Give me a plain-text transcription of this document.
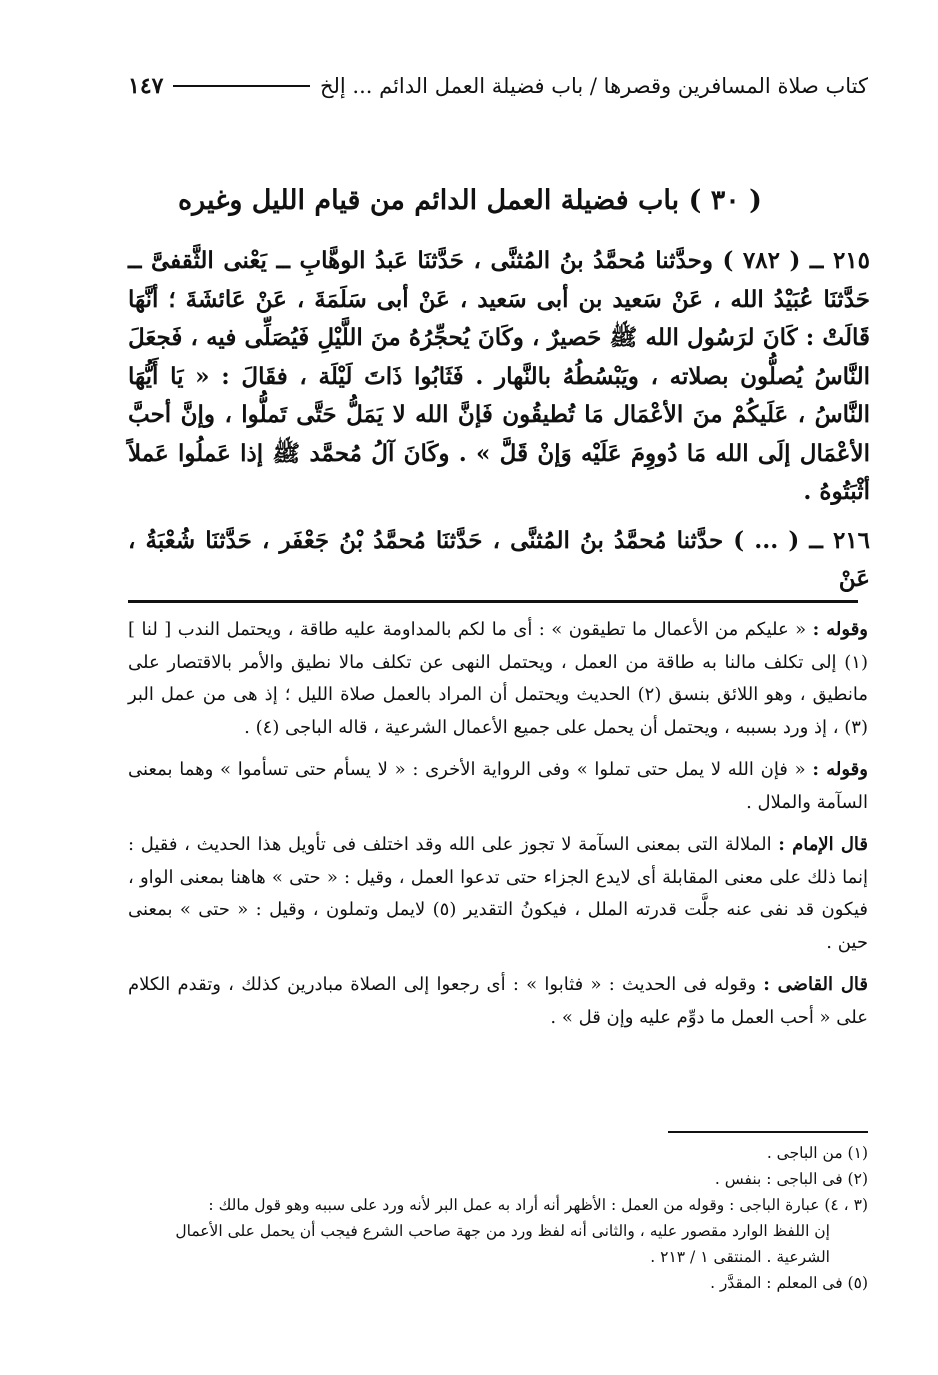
كتاب صلاة المسافرين وقصرها / باب فضيلة العمل الدائم ... إلخ
١٤٧
( ٣٠ ) باب فضيلة العمل الدائم من قيام الليل وغيره

٢١٥ ــ ( ٧٨٢ ) وحدَّثنا مُحمَّدُ بنُ المُثنَّى ، حَدَّثنَا عَبدُ الوهَّابِ ــ يَعْنى الثَّقفىَّ ــ حَدَّثنَا عُبَيْدُ الله ، عَنْ سَعيد بن أبى سَعيد ، عَنْ أبى سَلَمَةَ ، عَنْ عَائشَةَ ؛ أنَّهَا قَالَتْ : كَانَ لرَسُول الله ﷺ حَصيرٌ ، وكَانَ يُحجِّرُهُ منَ اللَّيْلِ فَيُصَلِّى فيه ، فَجعَلَ النَّاسُ يُصلُّون بصلاته ، ويَبْسُطُهُ بالنَّهار . فَثَابُوا ذَاتَ لَيْلَة ، فقَالَ : « يَا أَيُّهَا النَّاسُ ، عَلَيكُمْ منَ الأعْمَال مَا تُطيقُون فَإنَّ الله لا يَمَلُّ حَتَّى تَملُّوا ، وإنَّ أحبَّ الأعْمَال إلَى الله مَا دُووِمَ عَلَيْه وَإنْ قَلَّ » . وكَانَ آلُ مُحمَّد ﷺ إذا عَملُوا عَملاً أثْبَتُوهُ .

٢١٦ ــ ( ... ) حدَّثنا مُحمَّدُ بنُ المُثنَّى ، حَدَّثنَا مُحمَّدُ بْنُ جَعْفَر ، حَدَّثنَا شُعْبَةُ ، عَنْ

وقوله : « عليكم من الأعمال ما تطيقون » : أى ما لكم بالمداومة عليه طاقة ، ويحتمل الندب [ لنا ] (١) إلى تكلف مالنا به طاقة من العمل ، ويحتمل النهى عن تكلف مالا نطيق والأمر بالاقتصار على مانطيق ، وهو اللائق بنسق (٢) الحديث ويحتمل أن المراد بالعمل صلاة الليل ؛ إذ هى من عمل البر (٣) ، إذ ورد بسببه ، ويحتمل أن يحمل على جميع الأعمال الشرعية ، قاله الباجى (٤) .

وقوله : « فإن الله لا يمل حتى تملوا » وفى الرواية الأخرى : « لا يسأم حتى تسأموا » وهما بمعنى السآمة والملال .

قال الإمام : الملالة التى بمعنى السآمة لا تجوز على الله وقد اختلف فى تأويل هذا الحديث ، فقيل : إنما ذلك على معنى المقابلة أى لايدع الجزاء حتى تدعوا العمل ، وقيل : « حتى » هاهنا بمعنى الواو ، فيكون قد نفى عنه جلَّت قدرته الملل ، فيكونُ التقدير (٥) لايمل وتملون ، وقيل : « حتى » بمعنى حين .

قال القاضى : وقوله فى الحديث : « فثابوا » : أى رجعوا إلى الصلاة مبادرين كذلك ، وتقدم الكلام على « أحب العمل ما دوِّم عليه وإن قل » .

(١) من الباجى .

(٢) فى الباجى : بنفس .

(٣ ، ٤) عبارة الباجى : وقوله من العمل : الأظهر أنه أراد به عمل البر لأنه ورد على سببه وهو قول مالك :

إن اللفظ الوارد مقصور عليه ، والثانى أنه لفظ ورد من جهة صاحب الشرع فيجب أن يحمل على الأعمال

الشرعية . المنتقى ١ / ٢١٣ .

(٥) فى المعلم : المقدَّر .
